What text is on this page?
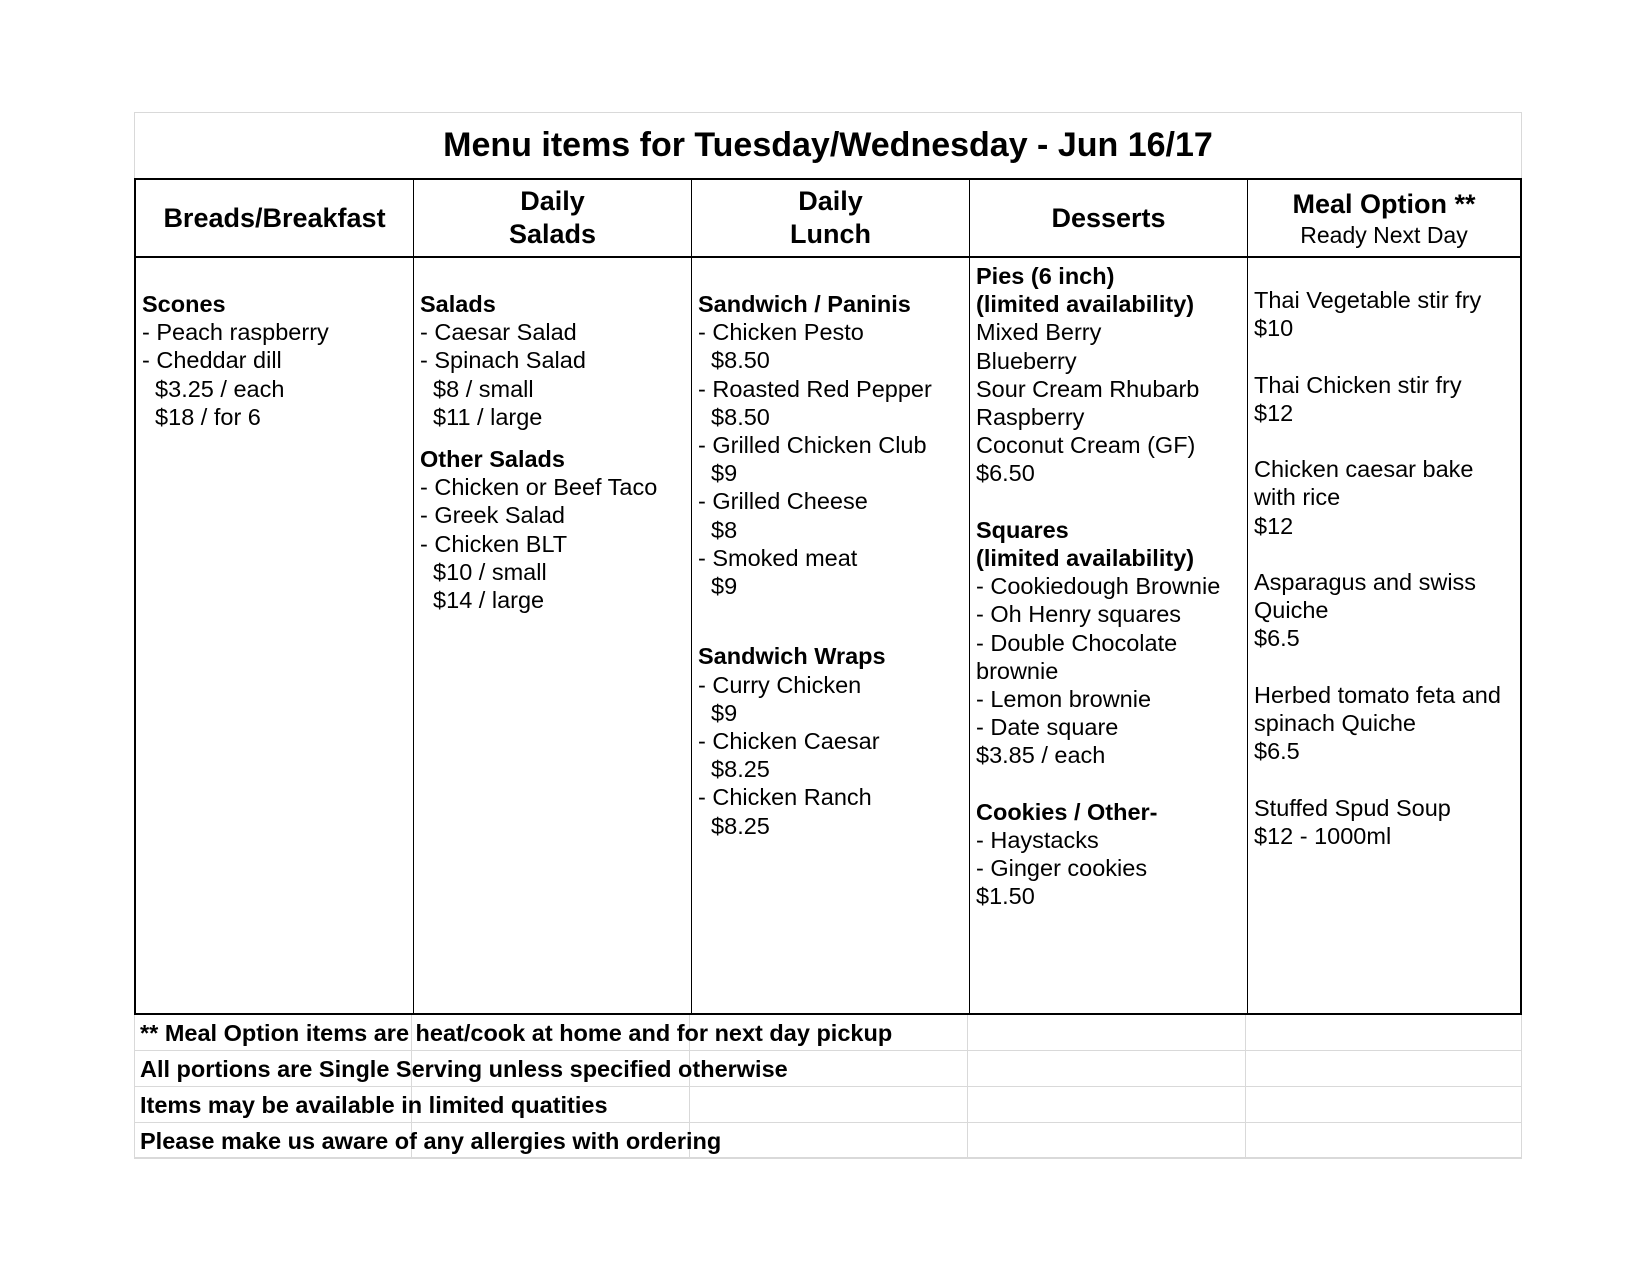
Menu items for Tuesday/Wednesday - Jun 16/17
Breads/Breakfast
Daily
Salads
Daily
Lunch
Desserts	Meal Option **
Ready Next Day
Scones
- Peach raspberry
- Cheddar dill
$3.25 / each
$18 / for 6
Salads
- Caesar Salad
- Spinach Salad
$8 / small
$11 / large
Other Salads
- Chicken or Beef Taco
- Greek Salad
- Chicken BLT
$10 / small
$14 / large
Sandwich / Paninis
- Chicken Pesto
$8.50
- Roasted Red Pepper
$8.50
- Grilled Chicken Club
$9
- Grilled Cheese
$8
- Smoked meat
$9
Sandwich Wraps
- Curry Chicken
$9
- Chicken Caesar
$8.25
- Chicken Ranch
$8.25
Pies (6 inch)
(limited availability)
Mixed Berry
Blueberry
Sour Cream Rhubarb
Raspberry
Coconut Cream (GF)
$6.50
Squares
(limited availability)
- Cookiedough Brownie
- Oh Henry squares
- Double Chocolate
brownie
- Lemon brownie
- Date square
$3.85 / each
Cookies / Other-
- Haystacks
- Ginger cookies
$1.50
Thai Vegetable stir fry
$10
Thai Chicken stir fry
$12
Chicken caesar bake
with rice
$12
Asparagus and swiss
Quiche
$6.5
Herbed tomato feta and
spinach Quiche
$6.5
Stuffed Spud Soup
$12 - 1000ml
** Meal Option items are heat/cook at home and for next day pickup
All portions are Single Serving unless specified otherwise
Items may be available in limited quatities
Please make us aware of any allergies with ordering
